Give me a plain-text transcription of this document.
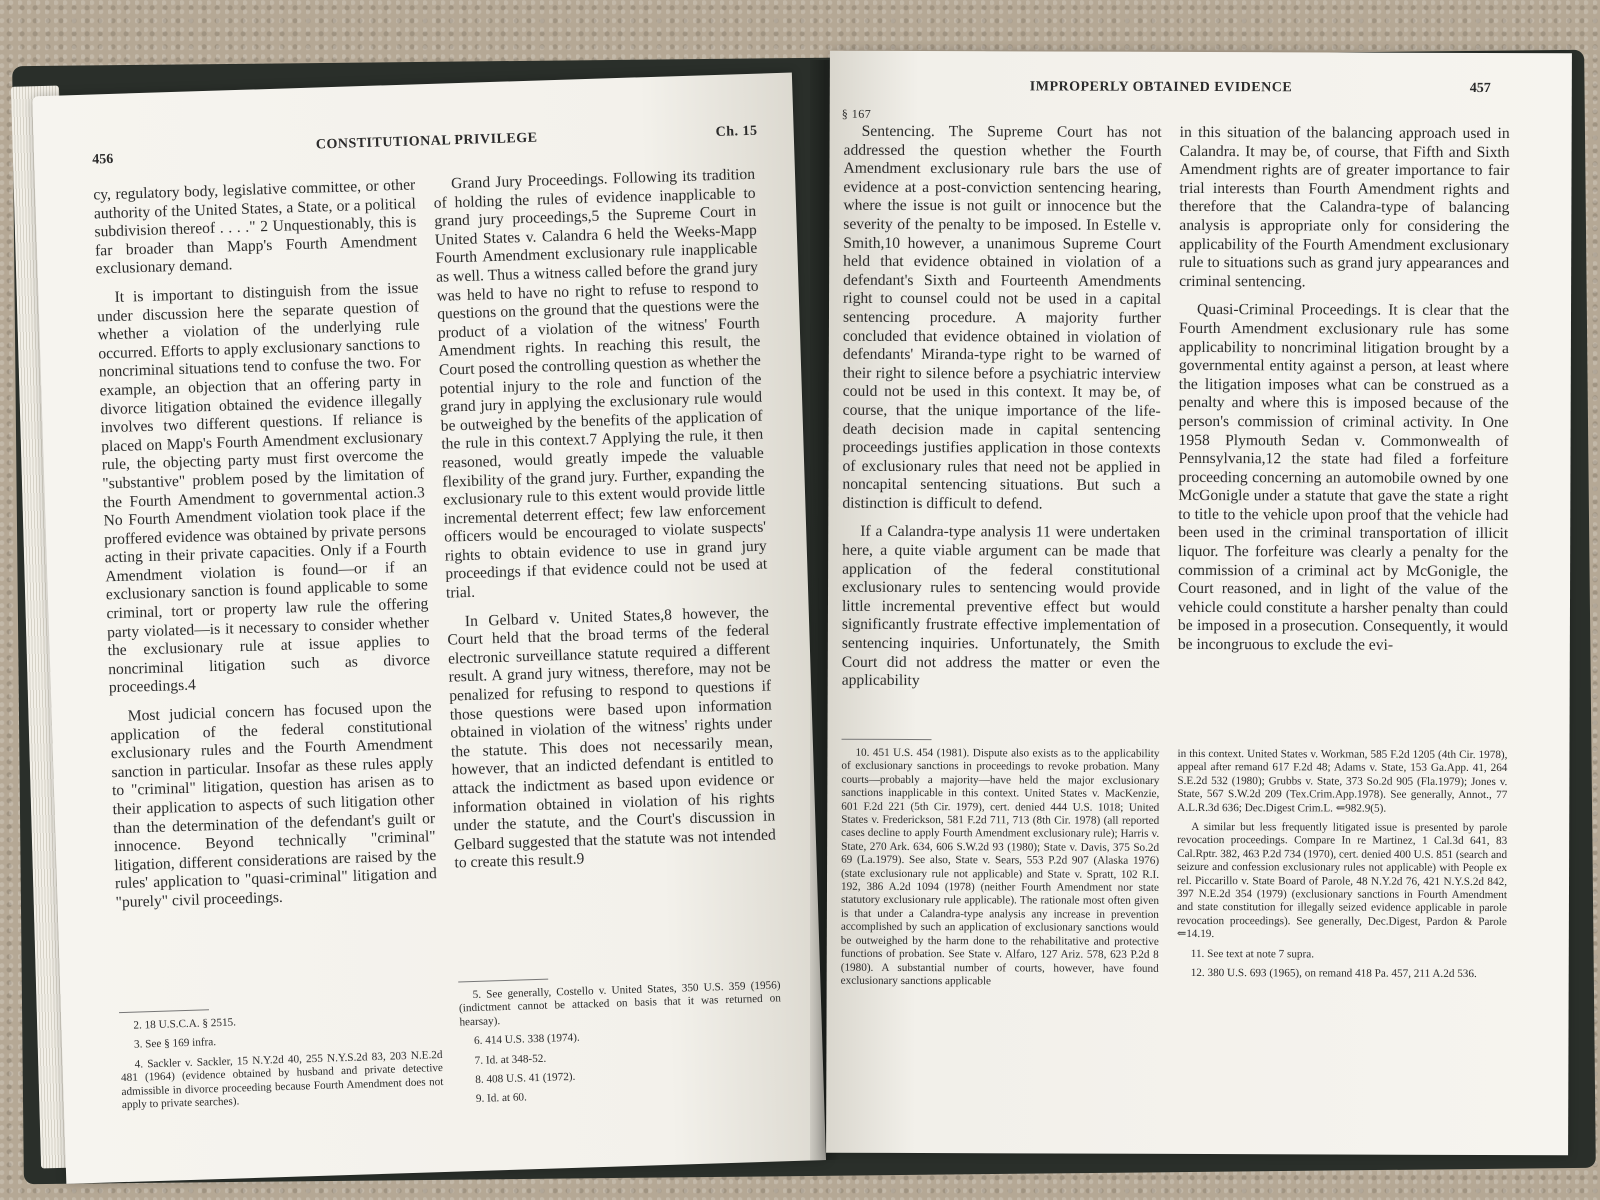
456
CONSTITUTIONAL PRIVILEGE	Ch. 15

cy, regulatory body, legislative committee, or other authority of the United States, a State, or a political subdivision thereof . . . ." 2 Unquestionably, this is far broader than Mapp's Fourth Amendment exclusionary demand.

It is important to distinguish from the issue under discussion here the separate question of whether a violation of the underlying rule occurred. Efforts to apply exclusionary sanctions to noncriminal situations tend to confuse the two. For example, an objection that an offering party in divorce litigation obtained the evidence illegally involves two different questions. If reliance is placed on Mapp's Fourth Amendment exclusionary rule, the objecting party must first overcome the "substantive" problem posed by the limitation of the Fourth Amendment to governmental action.3 No Fourth Amendment violation took place if the proffered evidence was obtained by private persons acting in their private capacities. Only if a Fourth Amendment violation is found—or if an exclusionary sanction is found applicable to some criminal, tort or property law rule the offering party violated—is it necessary to consider whether the exclusionary rule at issue applies to noncriminal litigation such as divorce proceedings.4

Most judicial concern has focused upon the application of the federal constitutional exclusionary rules and the Fourth Amendment sanction in particular. Insofar as these rules apply to "criminal" litigation, question has arisen as to their application to aspects of such litigation other than the determination of the defendant's guilt or innocence. Beyond technically "criminal" litigation, different considerations are raised by the rules' application to "quasi-criminal" litigation and "purely" civil proceedings.

2. 18 U.S.C.A. § 2515.

3. See § 169 infra.

4. Sackler v. Sackler, 15 N.Y.2d 40, 255 N.Y.S.2d 83, 203 N.E.2d 481 (1964) (evidence obtained by husband and private detective admissible in divorce proceeding because Fourth Amendment does not apply to private searches).

Grand Jury Proceedings. Following its tradition of holding the rules of evidence inapplicable to grand jury proceedings,5 the Supreme Court in United States v. Calandra 6 held the Weeks-Mapp Fourth Amendment exclusionary rule inapplicable as well. Thus a witness called before the grand jury was held to have no right to refuse to respond to questions on the ground that the questions were the product of a violation of the witness' Fourth Amendment rights. In reaching this result, the Court posed the controlling question as whether the potential injury to the role and function of the grand jury in applying the exclusionary rule would be outweighed by the benefits of the application of the rule in this context.7 Applying the rule, it then reasoned, would greatly impede the valuable flexibility of the grand jury. Further, expanding the exclusionary rule to this extent would provide little incremental deterrent effect; few law enforcement officers would be encouraged to violate suspects' rights to obtain evidence to use in grand jury proceedings if that evidence could not be used at trial.

In Gelbard v. United States,8 however, the Court held that the broad terms of the federal electronic surveillance statute required a different result. A grand jury witness, therefore, may not be penalized for refusing to respond to questions if those questions were based upon information obtained in violation of the witness' rights under the statute. This does not necessarily mean, however, that an indicted defendant is entitled to attack the indictment as based upon evidence or information obtained in violation of his rights under the statute, and the Court's discussion in Gelbard suggested that the statute was not intended to create this result.9

5. See generally, Costello v. United States, 350 U.S. 359 (1956) (indictment cannot be attacked on basis that it was returned on hearsay).

6. 414 U.S. 338 (1974).

7. Id. at 348-52.

8. 408 U.S. 41 (1972).

9. Id. at 60.

§ 167
IMPROPERLY OBTAINED EVIDENCE	457

Sentencing. The Supreme Court has not addressed the question whether the Fourth Amendment exclusionary rule bars the use of evidence at a post-conviction sentencing hearing, where the issue is not guilt or innocence but the severity of the penalty to be imposed. In Estelle v. Smith,10 however, a unanimous Supreme Court held that evidence obtained in violation of a defendant's Sixth and Fourteenth Amendments right to counsel could not be used in a capital sentencing procedure. A majority further concluded that evidence obtained in violation of defendants' Miranda-type right to be warned of their right to silence before a psychiatric interview could not be used in this context. It may be, of course, that the unique importance of the life-death decision made in capital sentencing proceedings justifies application in those contexts of exclusionary rules that need not be applied in noncapital sentencing situations. But such a distinction is difficult to defend.

If a Calandra-type analysis 11 were undertaken here, a quite viable argument can be made that application of the federal constitutional exclusionary rules to sentencing would provide little incremental preventive effect but would significantly frustrate effective implementation of sentencing inquiries. Unfortunately, the Smith Court did not address the matter or even the applicability

10. 451 U.S. 454 (1981). Dispute also exists as to the applicability of exclusionary sanctions in proceedings to revoke probation. Many courts—probably a majority—have held the major exclusionary sanctions inapplicable in this context. United States v. MacKenzie, 601 F.2d 221 (5th Cir. 1979), cert. denied 444 U.S. 1018; United States v. Frederickson, 581 F.2d 711, 713 (8th Cir. 1978) (all reported cases decline to apply Fourth Amendment exclusionary rule); Harris v. State, 270 Ark. 634, 606 S.W.2d 93 (1980); State v. Davis, 375 So.2d 69 (La.1979). See also, State v. Sears, 553 P.2d 907 (Alaska 1976) (state exclusionary rule not applicable) and State v. Spratt, 102 R.I. 192, 386 A.2d 1094 (1978) (neither Fourth Amendment nor state statutory exclusionary rule applicable). The rationale most often given is that under a Calandra-type analysis any increase in prevention accomplished by such an application of exclusionary sanctions would be outweighed by the harm done to the rehabilitative and protective functions of probation. See State v. Alfaro, 127 Ariz. 578, 623 P.2d 8 (1980). A substantial number of courts, however, have found exclusionary sanctions applicable

in this situation of the balancing approach used in Calandra. It may be, of course, that Fifth and Sixth Amendment rights are of greater importance to fair trial interests than Fourth Amendment rights and therefore that the Calandra-type of balancing analysis is appropriate only for considering the applicability of the Fourth Amendment exclusionary rule to situations such as grand jury appearances and criminal sentencing.

Quasi-Criminal Proceedings. It is clear that the Fourth Amendment exclusionary rule has some applicability to noncriminal litigation brought by a governmental entity against a person, at least where the litigation imposes what can be construed as a penalty and where this is imposed because of the person's commission of criminal activity. In One 1958 Plymouth Sedan v. Commonwealth of Pennsylvania,12 the state had filed a forfeiture proceeding concerning an automobile owned by one McGonigle under a statute that gave the state a right to title to the vehicle upon proof that the vehicle had been used in the criminal transportation of illicit liquor. The forfeiture was clearly a penalty for the commission of a criminal act by McGonigle, the Court reasoned, and in light of the value of the vehicle could constitute a harsher penalty than could be imposed in a prosecution. Consequently, it would be incongruous to exclude the evi-

in this context. United States v. Workman, 585 F.2d 1205 (4th Cir. 1978), appeal after remand 617 F.2d 48; Adams v. State, 153 Ga.App. 41, 264 S.E.2d 532 (1980); Grubbs v. State, 373 So.2d 905 (Fla.1979); Jones v. State, 567 S.W.2d 209 (Tex.Crim.App.1978). See generally, Annot., 77 A.L.R.3d 636; Dec.Digest Crim.L. ⇐982.9(5).

A similar but less frequently litigated issue is presented by parole revocation proceedings. Compare In re Martinez, 1 Cal.3d 641, 83 Cal.Rptr. 382, 463 P.2d 734 (1970), cert. denied 400 U.S. 851 (search and seizure and confession exclusionary rules not applicable) with People ex rel. Piccarillo v. State Board of Parole, 48 N.Y.2d 76, 421 N.Y.S.2d 842, 397 N.E.2d 354 (1979) (exclusionary sanctions in Fourth Amendment and state constitution for illegally seized evidence applicable in parole revocation proceedings). See generally, Dec.Digest, Pardon & Parole ⇐14.19.

11. See text at note 7 supra.

12. 380 U.S. 693 (1965), on remand 418 Pa. 457, 211 A.2d 536.
